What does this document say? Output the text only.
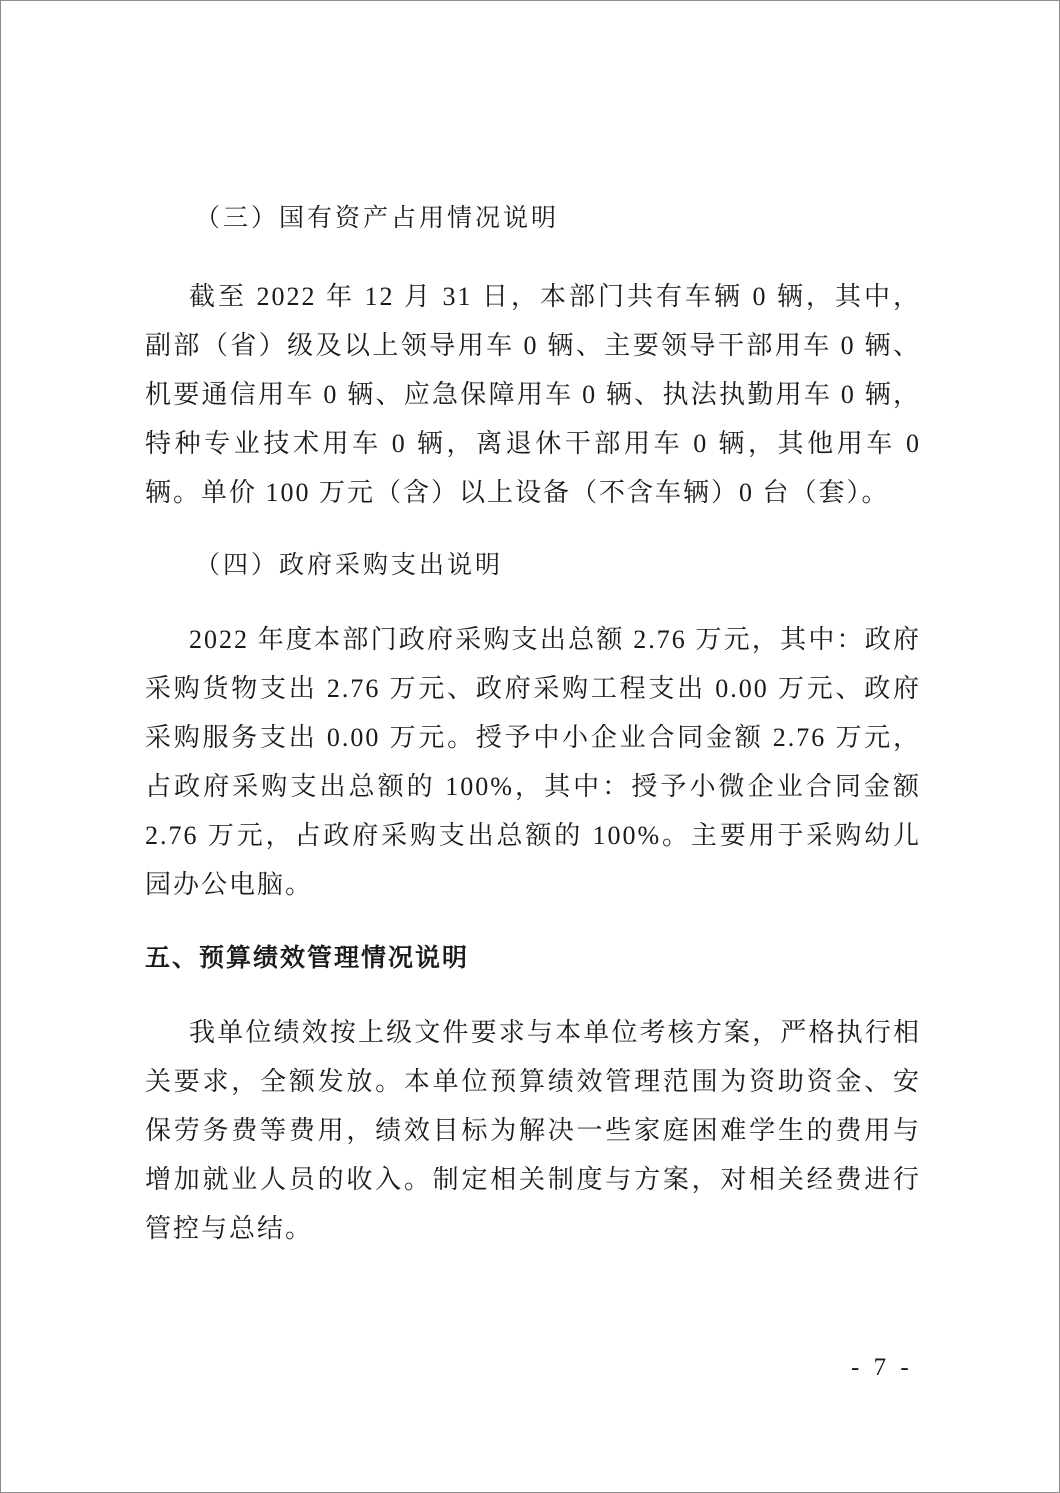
（三）国有资产占用情况说明
截至 2022 年 12 月 31 日，本部门共有车辆 0 辆，其中，副部（省）级及以上领导用车 0 辆、主要领导干部用车 0 辆、机要通信用车 0 辆、应急保障用车 0 辆、执法执勤用车 0 辆，特种专业技术用车 0 辆，离退休干部用车 0 辆，其他用车 0 辆。单价 100 万元（含）以上设备（不含车辆）0 台（套）。
（四）政府采购支出说明
2022 年度本部门政府采购支出总额 2.76 万元，其中：政府采购货物支出 2.76 万元、政府采购工程支出 0.00 万元、政府采购服务支出 0.00 万元。授予中小企业合同金额 2.76 万元，占政府采购支出总额的 100%，其中：授予小微企业合同金额 2.76 万元，占政府采购支出总额的 100%。主要用于采购幼儿园办公电脑。
五、预算绩效管理情况说明
我单位绩效按上级文件要求与本单位考核方案，严格执行相关要求，全额发放。本单位预算绩效管理范围为资助资金、安保劳务费等费用，绩效目标为解决一些家庭困难学生的费用与增加就业人员的收入。制定相关制度与方案，对相关经费进行管控与总结。
- 7 -
